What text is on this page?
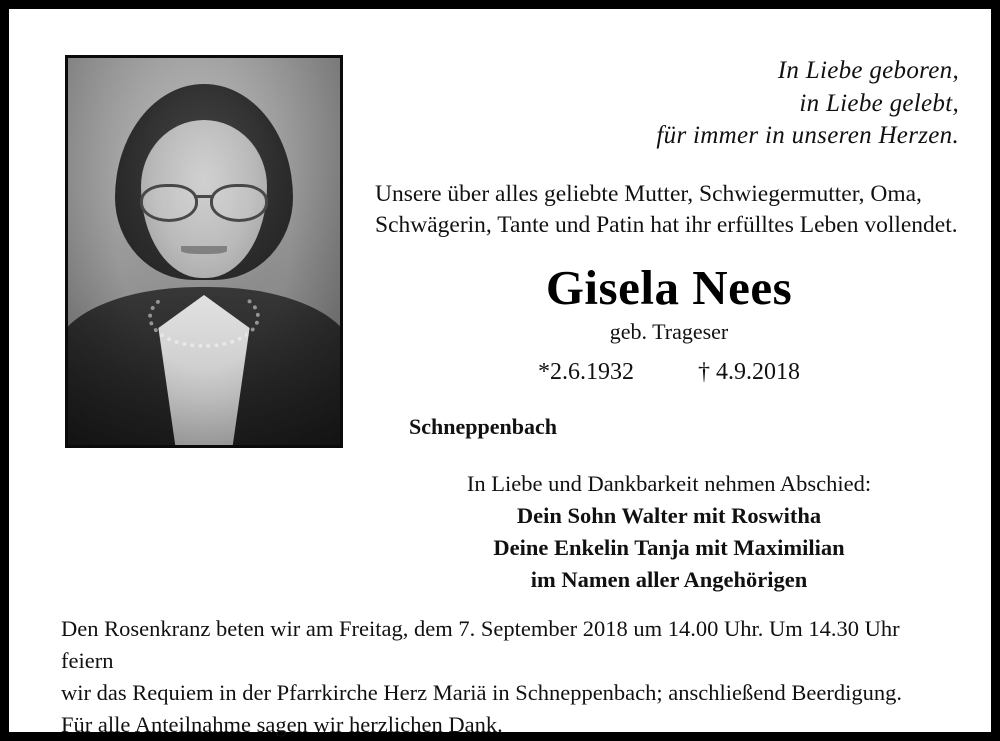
In Liebe geboren,
in Liebe gelebt,
für immer in unseren Herzen.
Unsere über alles geliebte Mutter, Schwiegermutter, Oma, Schwägerin, Tante und Patin hat ihr erfülltes Leben vollendet.
Gisela Nees
geb. Trageser
*2.6.1932	† 4.9.2018
Schneppenbach
In Liebe und Dankbarkeit nehmen Abschied:
Dein Sohn Walter mit Roswitha
Deine Enkelin Tanja mit Maximilian
im Namen aller Angehörigen
Den Rosenkranz beten wir am Freitag, dem 7. September 2018 um 14.00 Uhr. Um 14.30 Uhr feiern
wir das Requiem in der Pfarrkirche Herz Mariä in Schneppenbach; anschließend Beerdigung.
Für alle Anteilnahme sagen wir herzlichen Dank.
